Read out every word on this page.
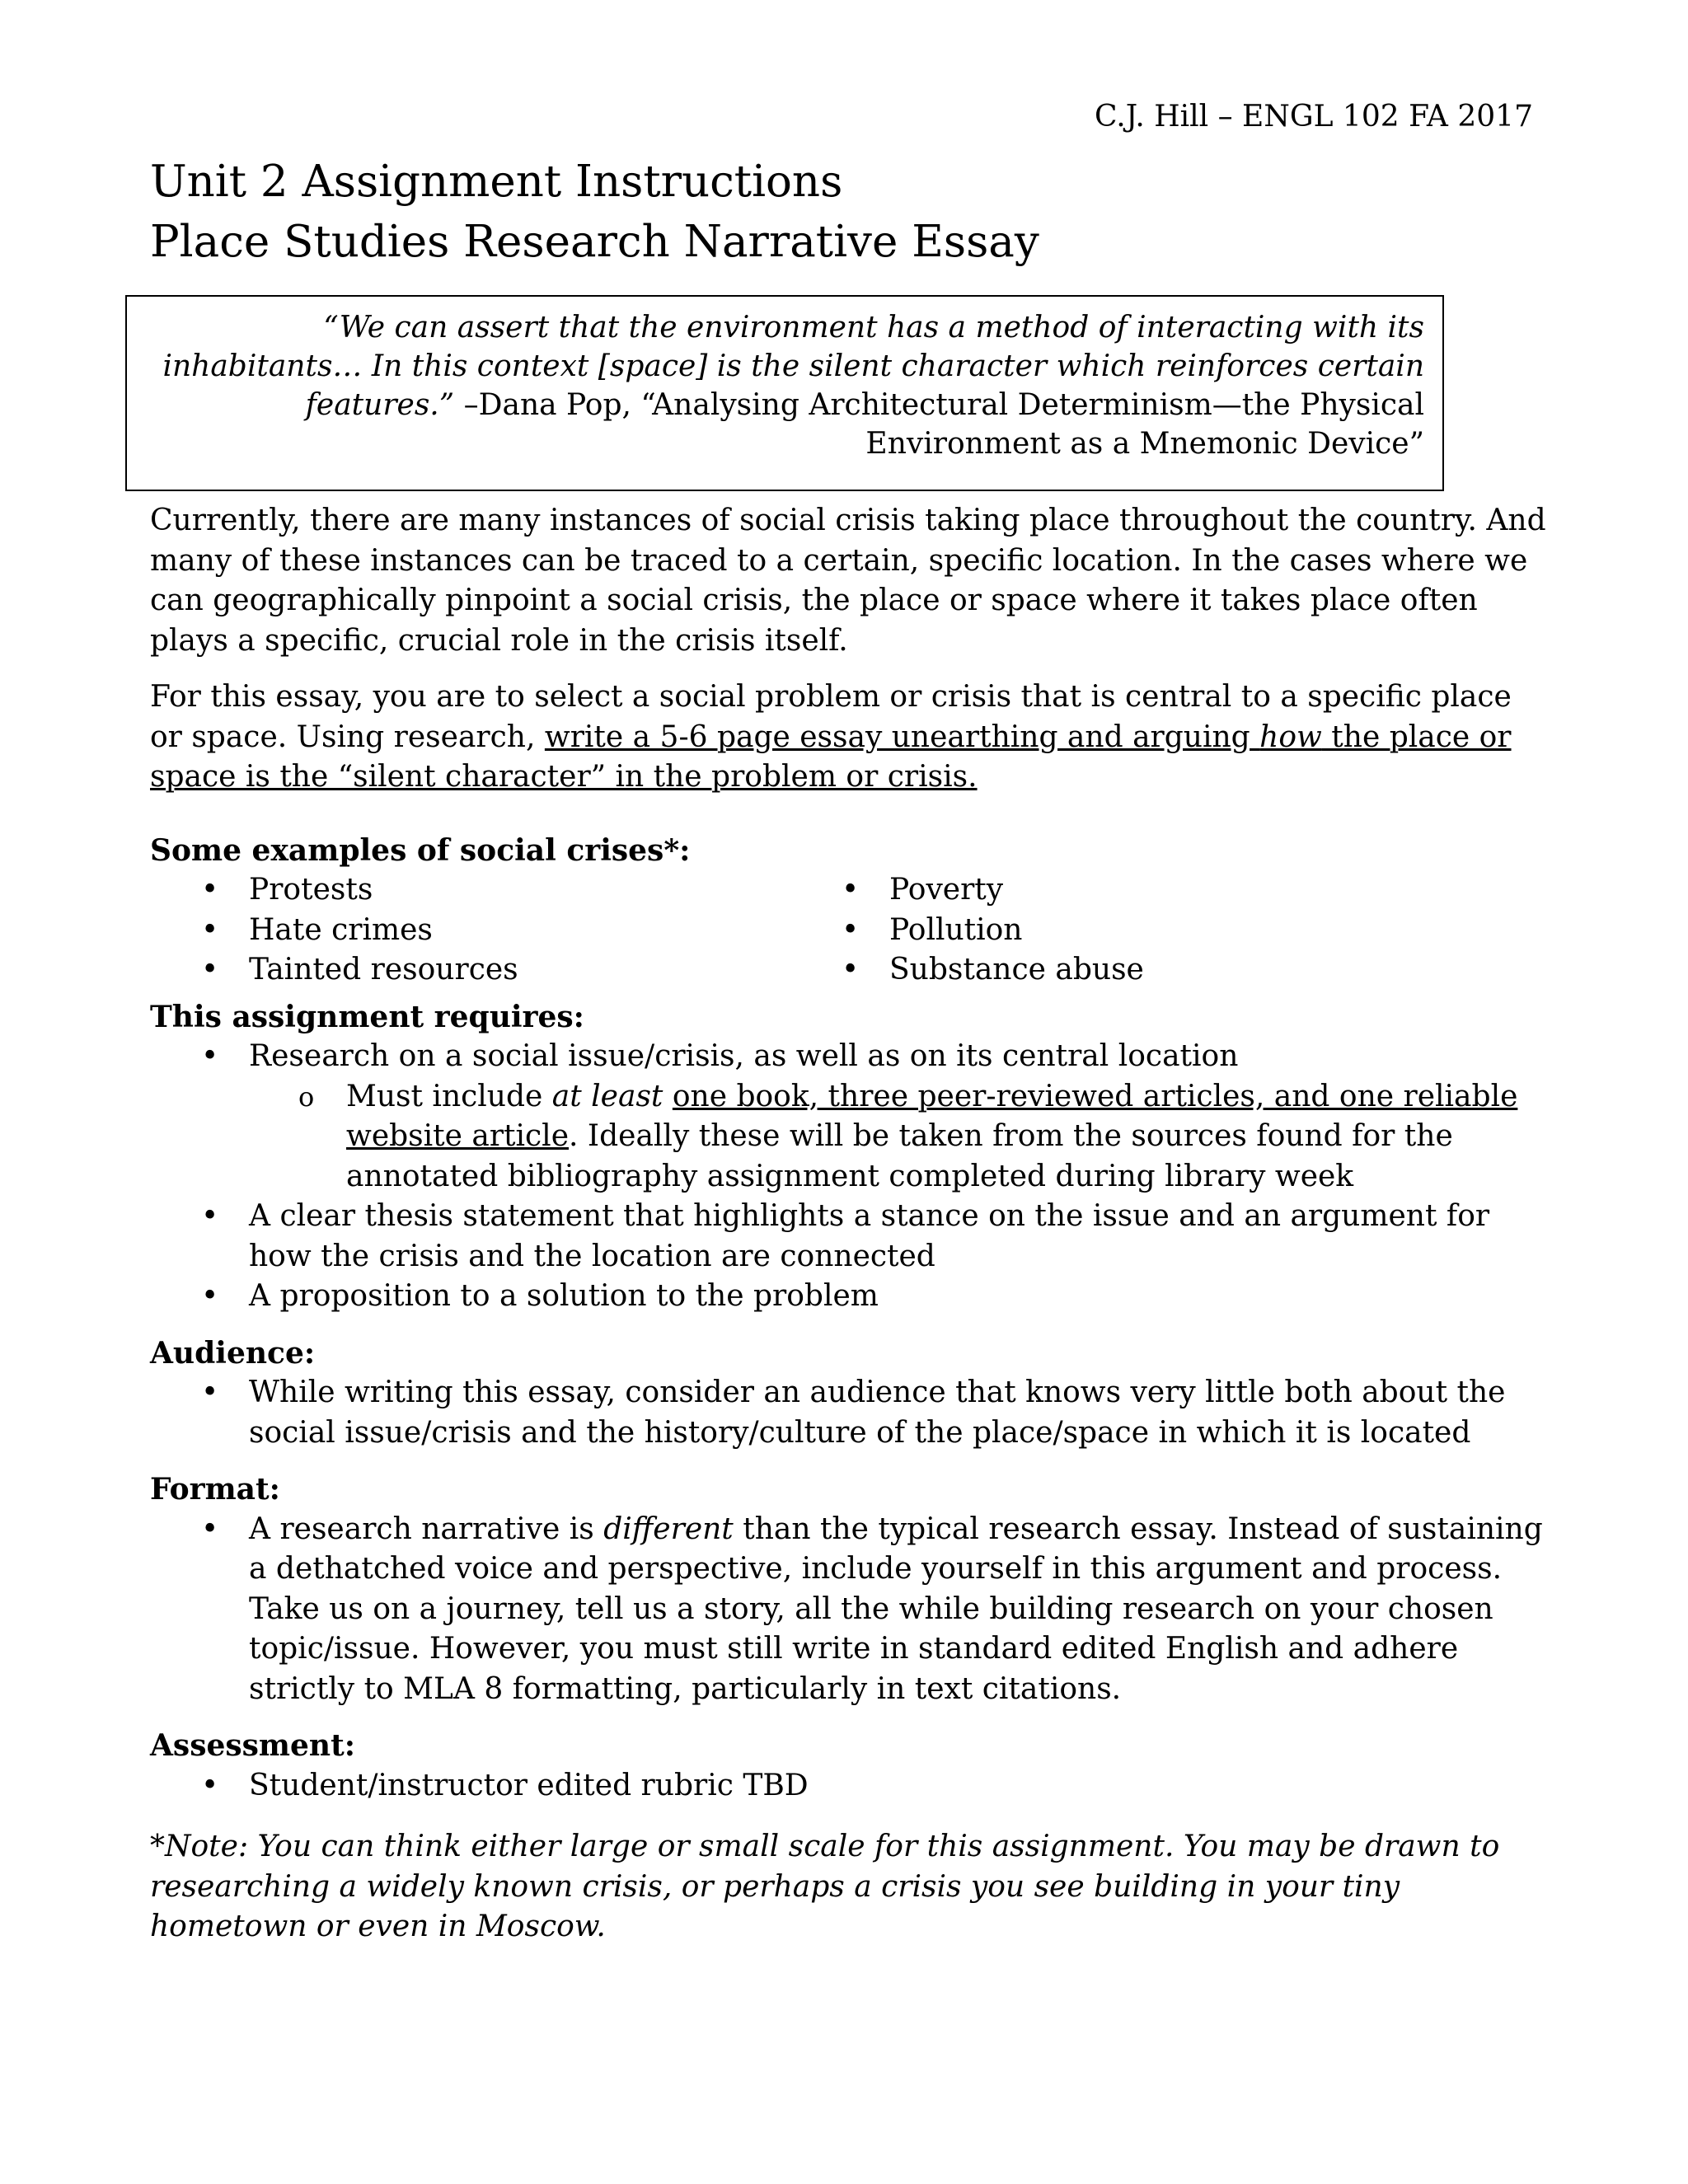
C.J. Hill – ENGL 102 FA 2017
Unit 2 Assignment Instructions
Place Studies Research Narrative Essay
“We can assert that the environment has a method of interacting with its
inhabitants… In this context [space] is the silent character which reinforces certain
features.” –Dana Pop, “Analysing Architectural Determinism—the Physical
Environment as a Mnemonic Device”

Currently, there are many instances of social crisis taking place throughout the country. And many of these instances can be traced to a certain, specific location. In the cases where we can geographically pinpoint a social crisis, the place or space where it takes place often plays a specific, crucial role in the crisis itself.

For this essay, you are to select a social problem or crisis that is central to a specific place or space. Using research, write a 5-6 page essay unearthing and arguing how the place or space is the “silent character” in the problem or crisis.

Some examples of social crises*:

• Protests
• Hate crimes
• Tainted resources
• Poverty
• Pollution
• Substance abuse

This assignment requires:

• Research on a social issue/crisis, as well as on its central location
o Must include at least one book, three peer-reviewed articles, and one reliable website article. Ideally these will be taken from the sources found for the annotated bibliography assignment completed during library week
• A clear thesis statement that highlights a stance on the issue and an argument for how the crisis and the location are connected
• A proposition to a solution to the problem

Audience:

• While writing this essay, consider an audience that knows very little both about the social issue/crisis and the history/culture of the place/space in which it is located

Format:

• A research narrative is different than the typical research essay. Instead of sustaining a dethatched voice and perspective, include yourself in this argument and process. Take us on a journey, tell us a story, all the while building research on your chosen topic/issue. However, you must still write in standard edited English and adhere strictly to MLA 8 formatting, particularly in text citations.

Assessment:

• Student/instructor edited rubric TBD

*Note: You can think either large or small scale for this assignment. You may be drawn to researching a widely known crisis, or perhaps a crisis you see building in your tiny hometown or even in Moscow.
